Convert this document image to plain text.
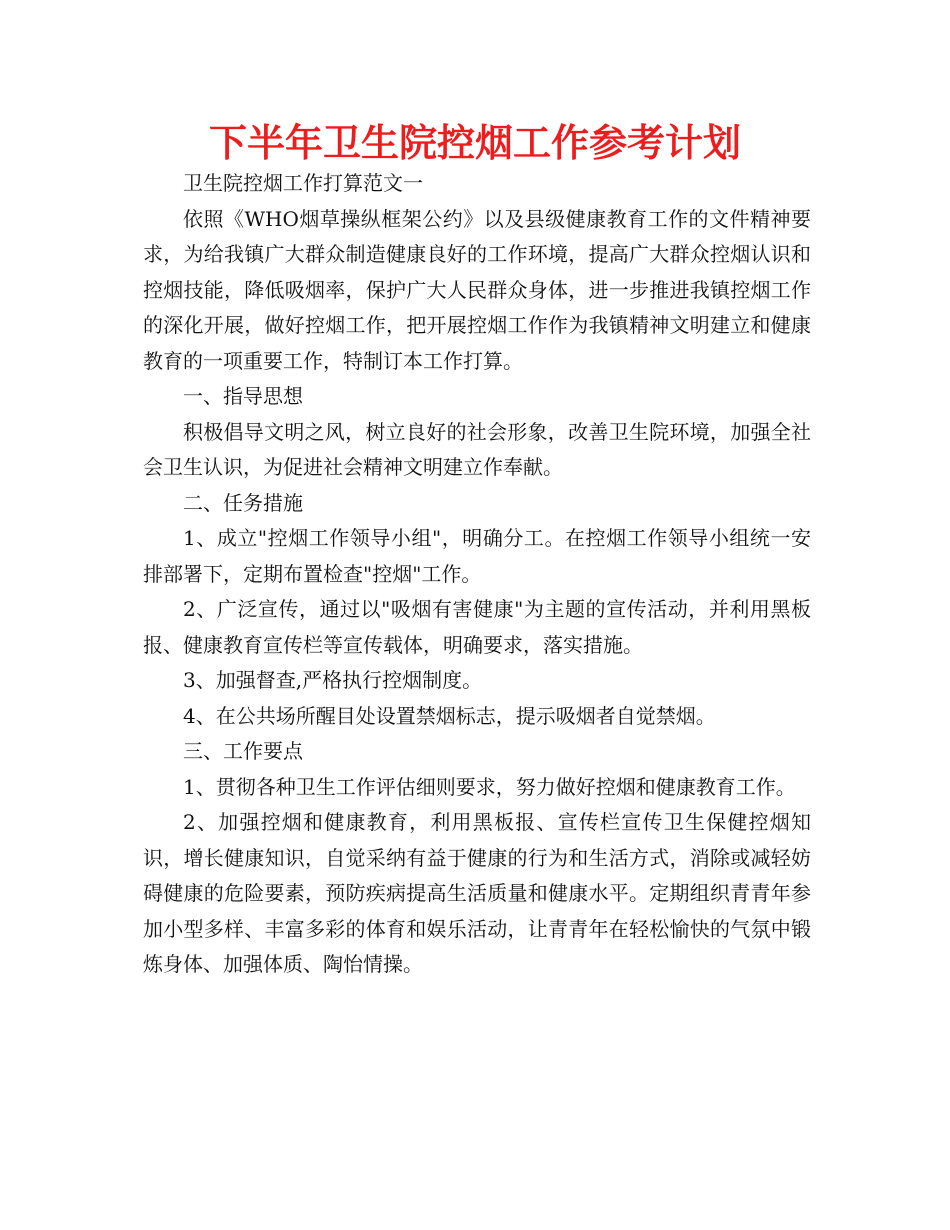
下半年卫生院控烟工作参考计划

卫生院控烟工作打算范文一

依照《WHO烟草操纵框架公约》以及县级健康教育工作的文件精神要求，为给我镇广大群众制造健康良好的工作环境，提高广大群众控烟认识和控烟技能，降低吸烟率，保护广大人民群众身体，进一步推进我镇控烟工作的深化开展，做好控烟工作，把开展控烟工作作为我镇精神文明建立和健康教育的一项重要工作，特制订本工作打算。

一、指导思想

积极倡导文明之风，树立良好的社会形象，改善卫生院环境，加强全社会卫生认识，为促进社会精神文明建立作奉献。

二、任务措施

1、成立"控烟工作领导小组"，明确分工。在控烟工作领导小组统一安排部署下，定期布置检查"控烟"工作。

2、广泛宣传，通过以"吸烟有害健康"为主题的宣传活动，并利用黑板报、健康教育宣传栏等宣传载体，明确要求，落实措施。

3、加强督查,严格执行控烟制度。

4、在公共场所醒目处设置禁烟标志，提示吸烟者自觉禁烟。

三、工作要点

1、贯彻各种卫生工作评估细则要求，努力做好控烟和健康教育工作。

2、加强控烟和健康教育，利用黑板报、宣传栏宣传卫生保健控烟知识，增长健康知识，自觉采纳有益于健康的行为和生活方式，消除或减轻妨碍健康的危险要素，预防疾病提高生活质量和健康水平。定期组织青青年参加小型多样、丰富多彩的体育和娱乐活动，让青青年在轻松愉快的气氛中锻炼身体、加强体质、陶怡情操。
